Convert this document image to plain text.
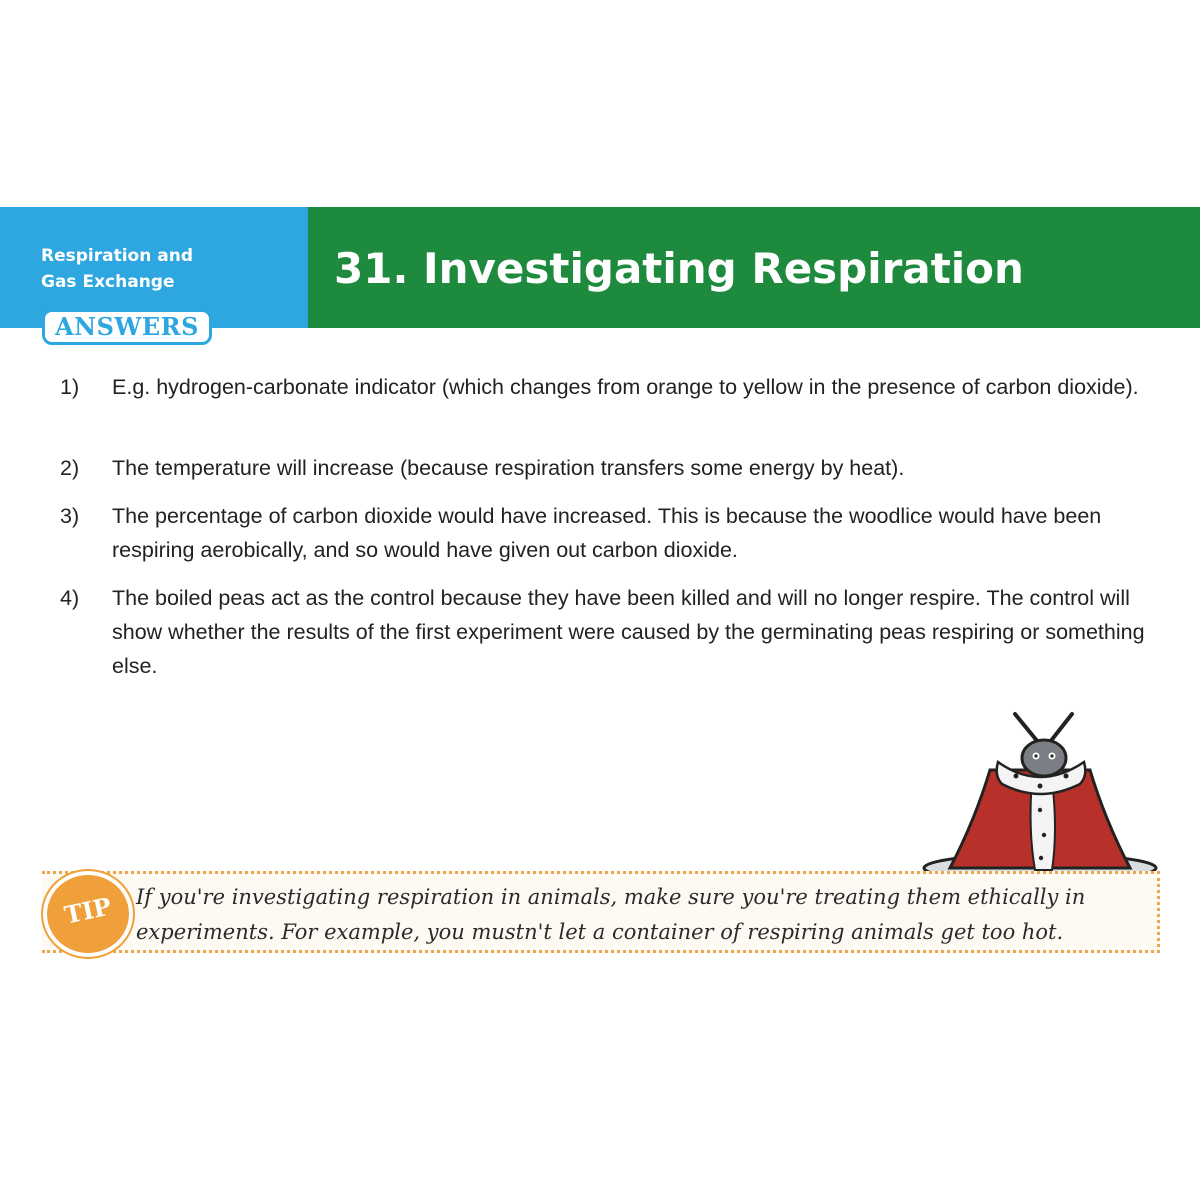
Respiration and
Gas Exchange
ANSWERS
31. Investigating Respiration
1) E.g. hydrogen-carbonate indicator (which changes from orange to yellow in the presence of carbon dioxide).
2) The temperature will increase (because respiration transfers some energy by heat).
3) The percentage of carbon dioxide would have increased. This is because the woodlice would have been respiring aerobically, and so would have given out carbon dioxide.
4) The boiled peas act as the control because they have been killed and will no longer respire. The control will show whether the results of the first experiment were caused by the germinating peas respiring or something else.
TIP	If you're investigating respiration in animals, make sure you're treating them ethically in experiments. For example, you mustn't let a container of respiring animals get too hot.
